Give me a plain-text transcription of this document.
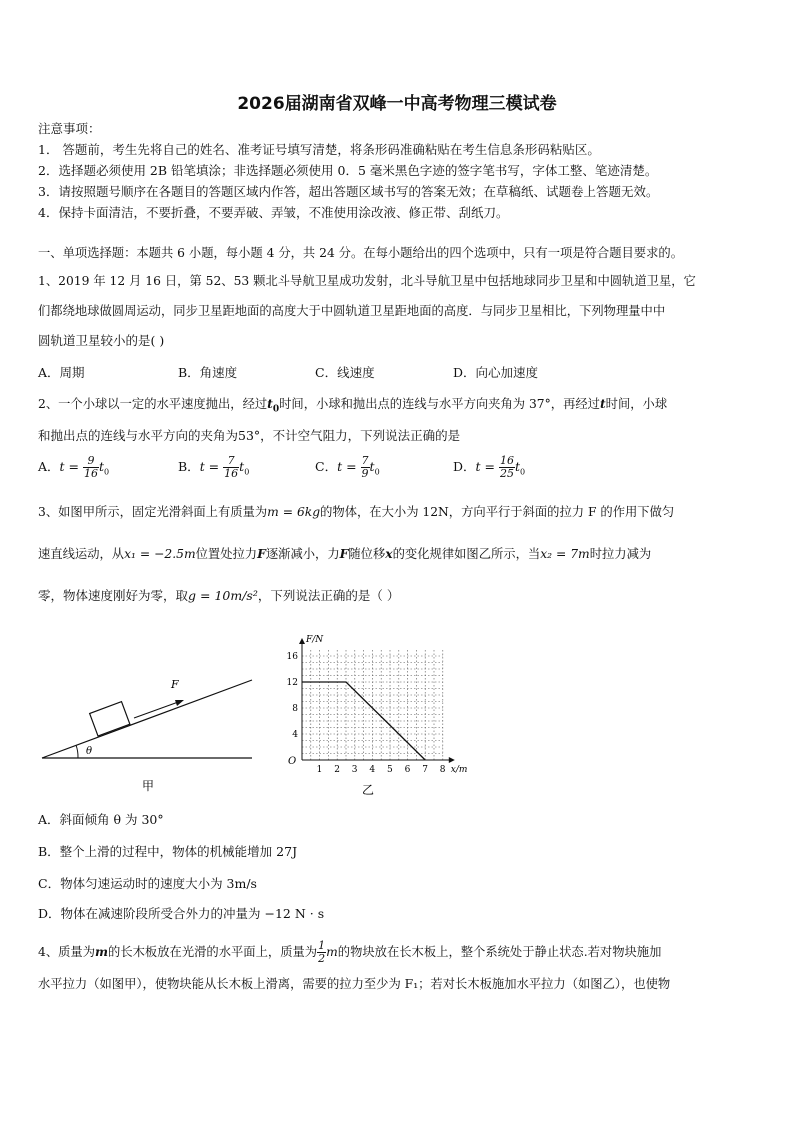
2026届湖南省双峰一中高考物理三模试卷
注意事项：
1． 答题前，考生先将自己的姓名、准考证号填写清楚，将条形码准确粘贴在考生信息条形码粘贴区。
2．选择题必须使用 2B 铅笔填涂；非选择题必须使用 0．5 毫米黑色字迹的签字笔书写，字体工整、笔迹清楚。
3．请按照题号顺序在各题目的答题区域内作答，超出答题区域书写的答案无效；在草稿纸、试题卷上答题无效。
4．保持卡面清洁，不要折叠，不要弄破、弄皱，不准使用涂改液、修正带、刮纸刀。
一、单项选择题：本题共 6 小题，每小题 4 分，共 24 分。在每小题给出的四个选项中，只有一项是符合题目要求的。
1、2019 年 12 月 16 日，第 52、53 颗北斗导航卫星成功发射，北斗导航卫星中包括地球同步卫星和中圆轨道卫星，它
们都绕地球做圆周运动，同步卫星距地面的高度大于中圆轨道卫星距地面的高度．与同步卫星相比，下列物理量中中
圆轨道卫星较小的是( )
A．周期	B．角速度	C．线速度	D．向心加速度
2、一个小球以一定的水平速度抛出，经过$t_0$时间，小球和抛出点的连线与水平方向夹角为 37°，再经过t时间，小球
和抛出点的连线与水平方向的夹角为53°，不计空气阻力，下列说法正确的是
A．$t = \frac{9}{16} t_0$	B．$t = \frac{7}{16} t_0$	C．$t = \frac{7}{9} t_0$	D．$t = \frac{16}{25} t_0$
3、如图甲所示，固定光滑斜面上有质量为m = 6kg的物体，在大小为 12N，方向平行于斜面的拉力 F 的作用下做匀
速直线运动，从x₁ = −2.5m位置处拉力F逐渐减小，力F随位移x的变化规律如图乙所示，当x₂ = 7m时拉力减为
零，物体速度刚好为零，取g = 10m/s²，下列说法正确的是（ ）
F
θ
甲
1 2 3 4 5 6 7 8
4
8
12
16
x/m
F/N
O
乙
A．斜面倾角 θ 为 30°
B．整个上滑的过程中，物体的机械能增加 27J
C．物体匀速运动时的速度大小为 3m/s
D．物体在减速阶段所受合外力的冲量为 −12 N · s
4、质量为m的长木板放在光滑的水平面上，质量为 $\frac{1}{2}$ m的物块放在长木板上，整个系统处于静止状态.若对物块施加
水平拉力（如图甲），使物块能从长木板上滑离，需要的拉力至少为 F₁；若对长木板施加水平拉力（如图乙），也使物
